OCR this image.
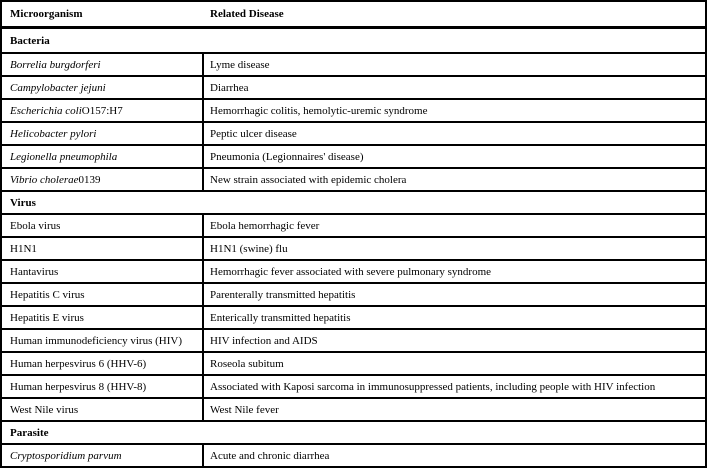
Microorganism	Related Disease
Bacteria
Borrelia burgdorferi	Lyme disease
Campylobacter jejuni	Diarrhea
Escherichia coli O157:H7	Hemorrhagic colitis, hemolytic-uremic syndrome
Helicobacter pylori	Peptic ulcer disease
Legionella pneumophila	Pneumonia (Legionnaires' disease)
Vibrio cholerae 0139	New strain associated with epidemic cholera
Virus
Ebola virus	Ebola hemorrhagic fever
H1N1	H1N1 (swine) flu
Hantavirus	Hemorrhagic fever associated with severe pulmonary syndrome
Hepatitis C virus	Parenterally transmitted hepatitis
Hepatitis E virus	Enterically transmitted hepatitis
Human immunodeficiency virus (HIV)	HIV infection and AIDS
Human herpesvirus 6 (HHV-6)	Roseola subitum
Human herpesvirus 8 (HHV-8)	Associated with Kaposi sarcoma in immunosuppressed patients, including people with HIV infection
West Nile virus	West Nile fever
Parasite
Cryptosporidium parvum	Acute and chronic diarrhea
